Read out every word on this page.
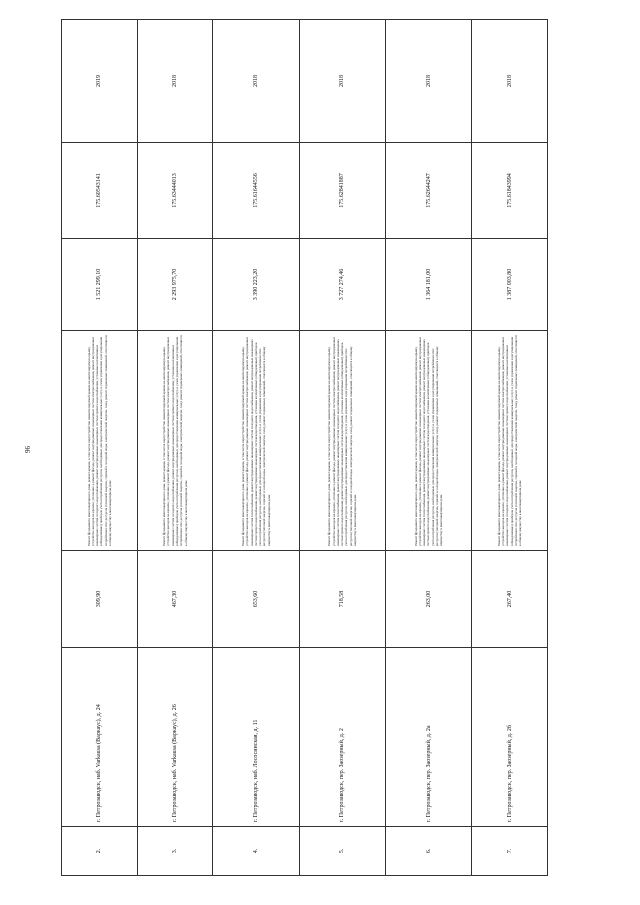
96
2.	г. Петрозаводск, наб. Varkausa (Варкаус), д. 24	309,90	Ремонт фундамента многоквартирного дома, ремонт крыши, в том числе переустройство невентилируемой крыши на вентилируемую крышу, устройство выходов на кровлю, утепление и ремонт фасада, ремонт внутридомовых инженерных систем электроснабжения, ремонт внутридомовых инженерных систем холодного водоснабжения, ремонт внутридомовых инженерных систем горячего водоснабжения, установка коллективных (общедомовых) приборов учета потребления ресурсов, необходимых для предоставления коммунальных услуг, и узлов управления и регулирования потребления этих ресурсов (тепловой энергии, горячей и холодной воды, электрической энергии, газа), ремонт подвальных помещений, относящихся к общему имуществу в многоквартирном доме	1 521 299,10	175.60543141	2019
3.	г. Петрозаводск, наб. Varkausa (Варкаус), д. 26	467,30	Ремонт фундамента многоквартирного дома, ремонт крыши, в том числе переустройство невентилируемой крыши на вентилируемую крышу, устройство выходов на кровлю, утепление и ремонт фасада, ремонт внутридомовых инженерных систем электроснабжения, ремонт внутридомовых инженерных систем холодного водоснабжения, ремонт внутридомовых инженерных систем горячего водоснабжения, установка коллективных (общедомовых) приборов учета потребления ресурсов, необходимых для предоставления коммунальных услуг, и узлов управления и регулирования потребления этих ресурсов (тепловой энергии, горячей и холодной воды, электрической энергии, газа), ремонт подвальных помещений, относящихся к общему имуществу в многоквартирном доме	2 293 975,70	175.63444013	2018
4.	г. Петрозаводск, наб. Лососинская, д. 11	653,60	Ремонт фундамента многоквартирного дома, ремонт крыши, в том числе переустройство невентилируемой крыши на вентилируемую крышу, устройство выходов на кровлю, утепление и ремонт фасада, ремонт внутридомовых инженерных систем электроснабжения, ремонт внутридомовых инженерных систем теплоснабжения, ремонт внутридомовых инженерных систем холодного водоснабжения, ремонт внутридомовых инженерных систем горячего водоснабжения, ремонт внутридомовых инженерных систем водоотведения, установка коллективных (общедомовых) приборов учета потребления ресурсов, необходимых для предоставления коммунальных услуг, и узлов управления и регулирования потребления этих ресурсов (тепловой энергии, горячей и холодной воды, электрической энергии, газа), ремонт подвальных помещений, относящихся к общему имуществу в многоквартирном доме	3 390 223,20	175.61644556	2018
5.	г. Петрозаводск, пер. Заозерный, д. 2	718,58	Ремонт фундамента многоквартирного дома, ремонт крыши, в том числе переустройство невентилируемой крыши на вентилируемую крышу, устройство выходов на кровлю, утепление и ремонт фасада, ремонт внутридомовых инженерных систем электроснабжения, ремонт внутридомовых инженерных систем теплоснабжения, ремонт внутридомовых инженерных систем холодного водоснабжения, ремонт внутридомовых инженерных систем горячего водоснабжения, ремонт внутридомовых инженерных систем водоотведения, установка коллективных (общедомовых) приборов учета потребления ресурсов, необходимых для предоставления коммунальных услуг, и узлов управления и регулирования потребления этих ресурсов (тепловой энергии, горячей и холодной воды, электрической энергии, газа), ремонт подвальных помещений, относящихся к общему имуществу в многоквартирном доме	3 727 274,46	175.62841887	2018
6.	г. Петрозаводск, пер. Заозерный, д. 2а	263,00	Ремонт фундамента многоквартирного дома, ремонт крыши, в том числе переустройство невентилируемой крыши на вентилируемую крышу, устройство выходов на кровлю, утепление и ремонт фасада, ремонт внутридомовых инженерных систем электроснабжения, ремонт внутридомовых инженерных систем теплоснабжения, ремонт внутридомовых инженерных систем холодного водоснабжения, ремонт внутридомовых инженерных систем горячего водоснабжения, ремонт внутридомовых инженерных систем водоотведения, установка коллективных (общедомовых) приборов учета потребления ресурсов, необходимых для предоставления коммунальных услуг, и узлов управления и регулирования потребления этих ресурсов (тепловой энергии, горячей и холодной воды, электрической энергии, газа), ремонт подвальных помещений, относящихся к общему имуществу в многоквартирном доме	1 364 181,00	175.62644247	2018
7.	г. Петрозаводск, пер. Заозерный, д. 2б	267,40	Ремонт фундамента многоквартирного дома, ремонт крыши, в том числе переустройство невентилируемой крыши на вентилируемую крышу, устройство выходов на кровлю, утепление и ремонт фасада, ремонт внутридомовых инженерных систем электроснабжения, ремонт внутридомовых инженерных систем холодного водоснабжения, ремонт внутридомовых инженерных систем горячего водоснабжения, установка коллективных (общедомовых) приборов учета потребления ресурсов, необходимых для предоставления коммунальных услуг, и узлов управления и регулирования потребления этих ресурсов (тепловой энергии, горячей и холодной воды, электрической энергии, газа), ремонт подвальных помещений, относящихся к общему имуществу в многоквартирном доме	1 387 003,80	175.61843994	2018
